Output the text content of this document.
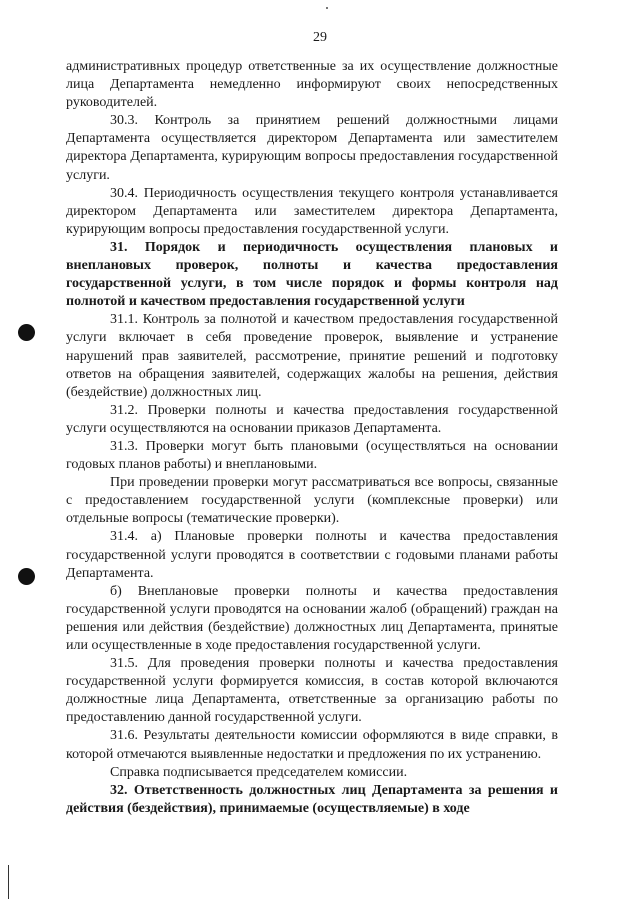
29

административных процедур ответственные за их осуществление должностные лица Департамента немедленно информируют своих непосредственных руководителей.

30.3. Контроль за принятием решений должностными лицами Департамента осуществляется директором Департамента или заместителем директора Департамента, курирующим вопросы предоставления государственной услуги.

30.4. Периодичность осуществления текущего контроля устанавливается директором Департамента или заместителем директора Департамента, курирующим вопросы предоставления государственной услуги.

31. Порядок и периодичность осуществления плановых и внеплановых проверок, полноты и качества предоставления государственной услуги, в том числе порядок и формы контроля над полнотой и качеством предоставления государственной услуги

31.1. Контроль за полнотой и качеством предоставления государственной услуги включает в себя проведение проверок, выявление и устранение нарушений прав заявителей, рассмотрение, принятие решений и подготовку ответов на обращения заявителей, содержащих жалобы на решения, действия (бездействие) должностных лиц.

31.2. Проверки полноты и качества предоставления государственной услуги осуществляются на основании приказов Департамента.

31.3. Проверки могут быть плановыми (осуществляться на основании годовых планов работы) и внеплановыми.

При проведении проверки могут рассматриваться все вопросы, связанные с предоставлением государственной услуги (комплексные проверки) или отдельные вопросы (тематические проверки).

31.4. а) Плановые проверки полноты и качества предоставления государственной услуги проводятся в соответствии с годовыми планами работы Департамента.

б) Внеплановые проверки полноты и качества предоставления государственной услуги проводятся на основании жалоб (обращений) граждан на решения или действия (бездействие) должностных лиц Департамента, принятые или осуществленные в ходе предоставления государственной услуги.

31.5. Для проведения проверки полноты и качества предоставления государственной услуги формируется комиссия, в состав которой включаются должностные лица Департамента, ответственные за организацию работы по предоставлению данной государственной услуги.

31.6. Результаты деятельности комиссии оформляются в виде справки, в которой отмечаются выявленные недостатки и предложения по их устранению.

Справка подписывается председателем комиссии.

32. Ответственность должностных лиц Департамента за решения и действия (бездействия), принимаемые (осуществляемые) в ходе
